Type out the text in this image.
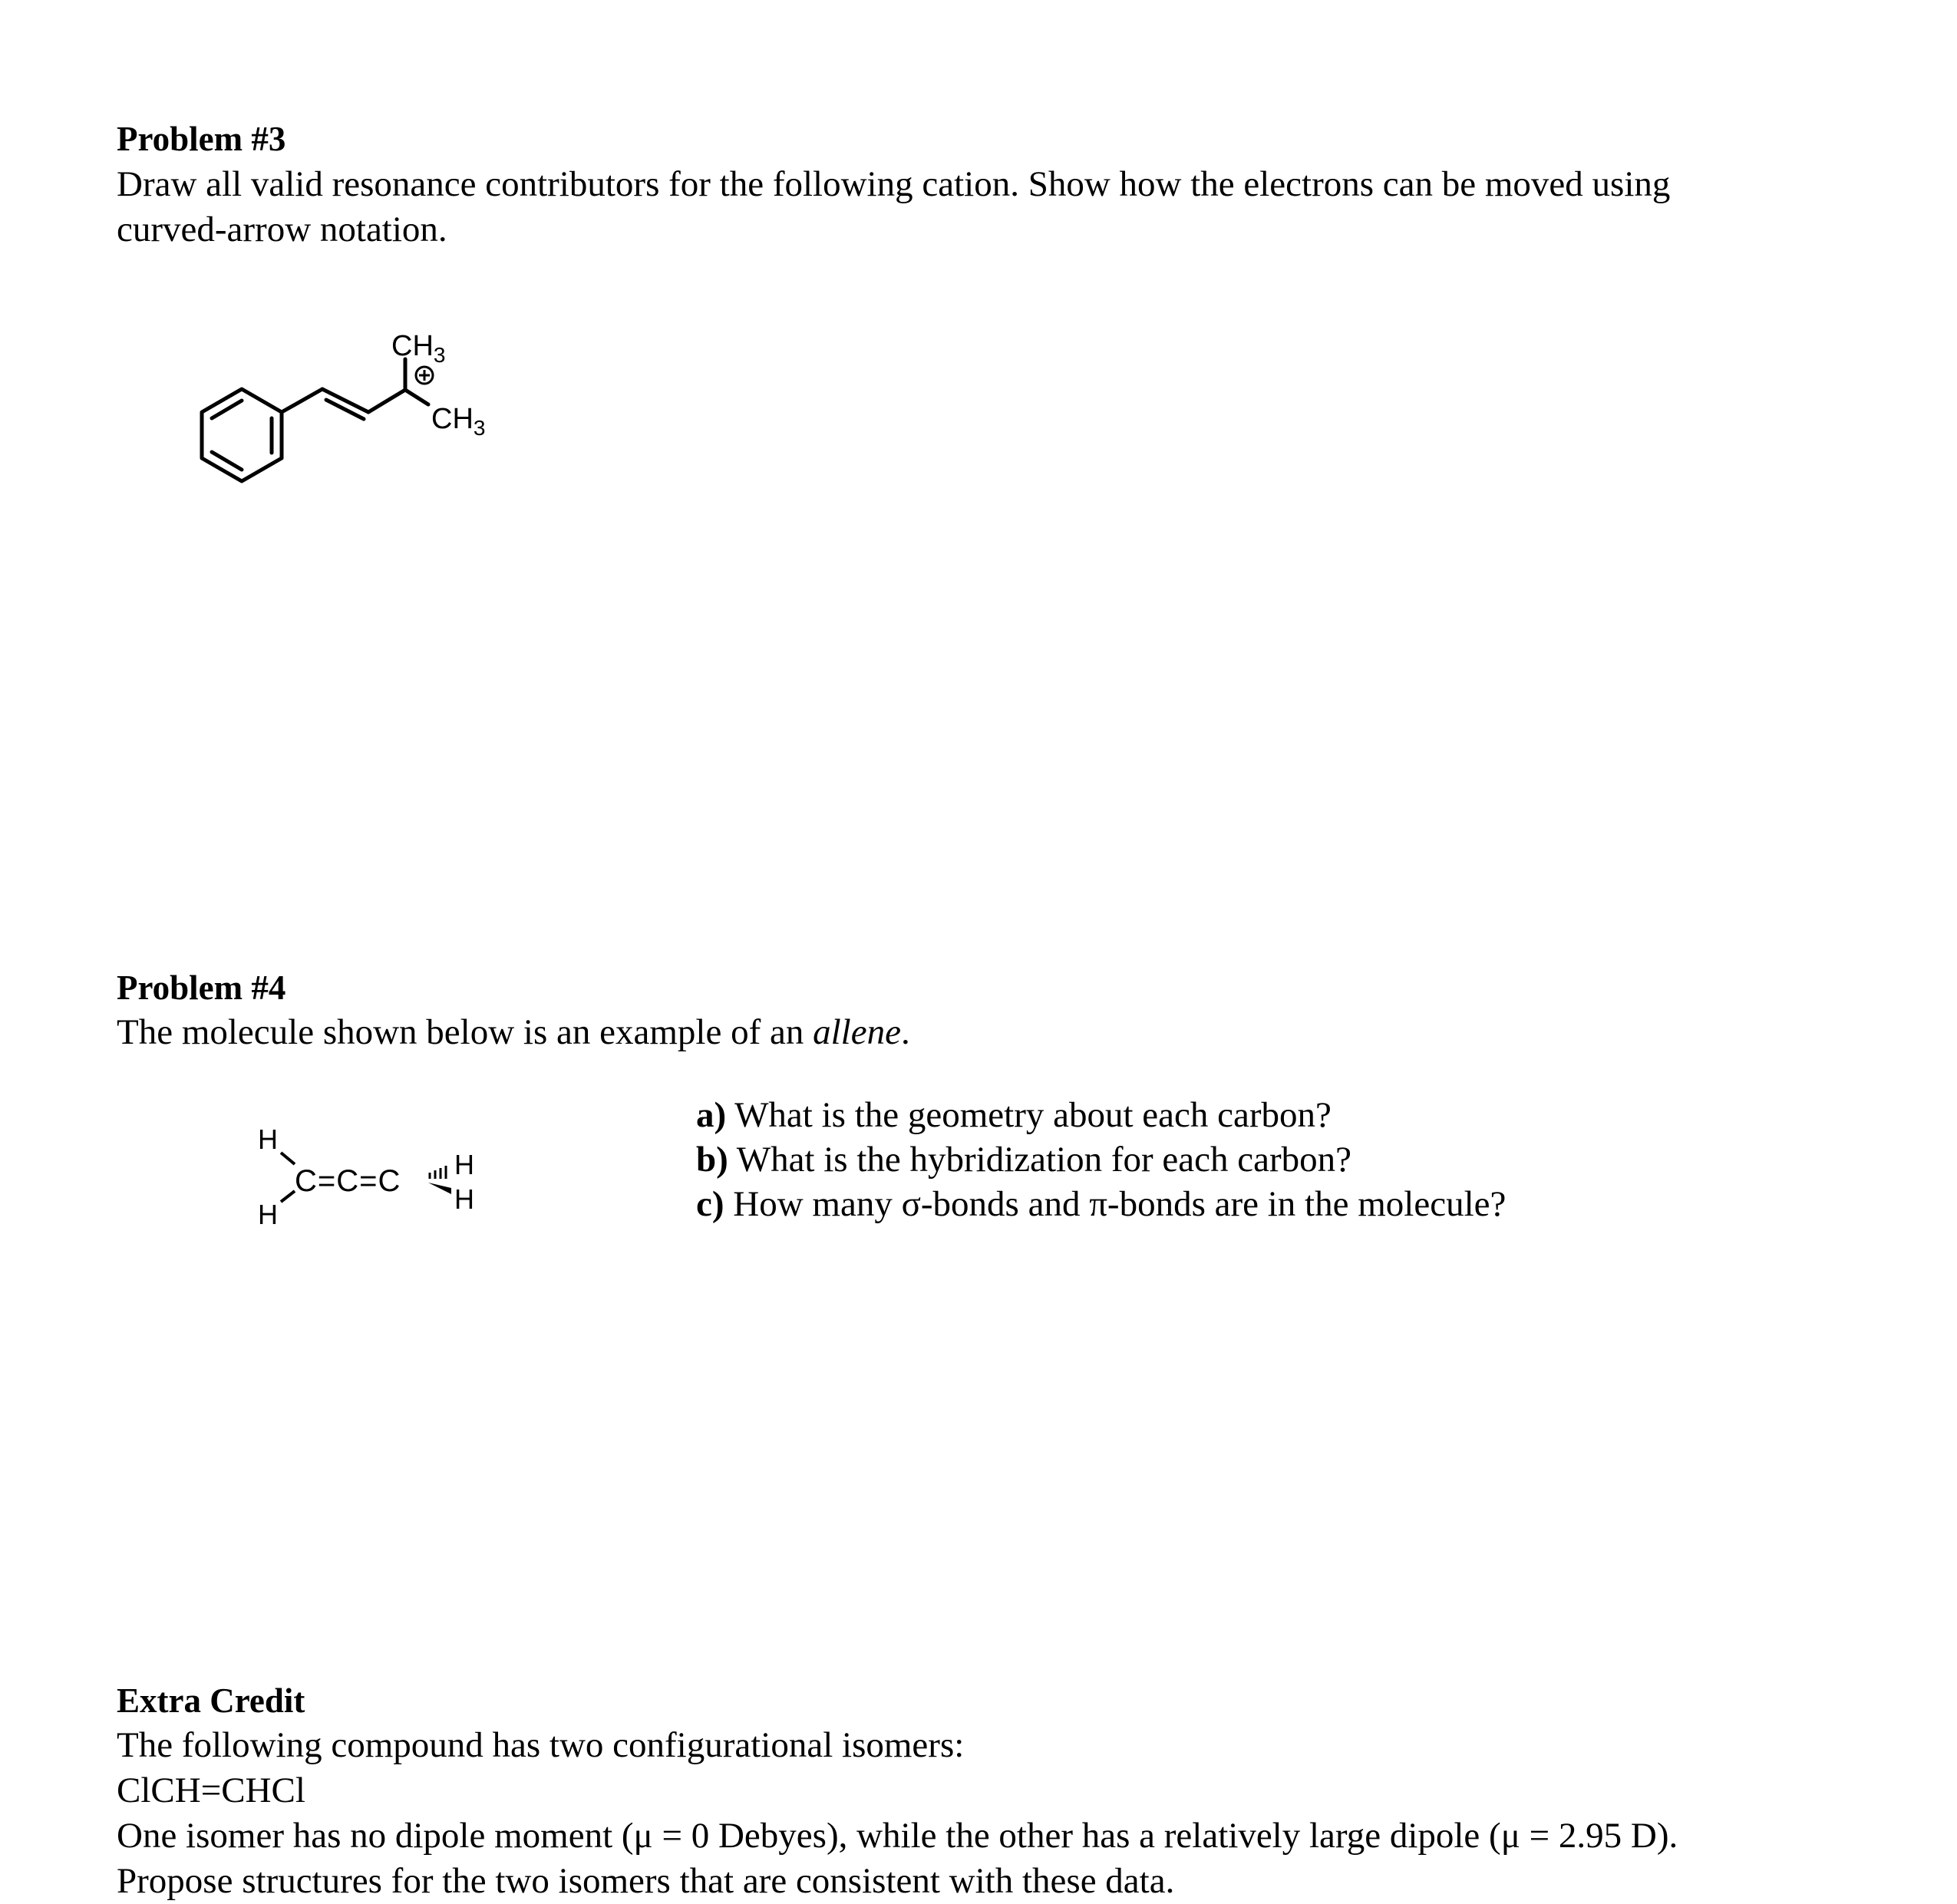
Problem #3
Draw all valid resonance contributors for the following cation. Show how the electrons can be moved using
curved-arrow notation.
$CH_3$
$CH_3$
Problem #4
The molecule shown below is an example of an allene.
H
H
C=C=C H
H
a) What is the geometry about each carbon?
b) What is the hybridization for each carbon?
c) How many σ-bonds and π-bonds are in the molecule?
Extra Credit
The following compound has two configurational isomers:
ClCH=CHCl
One isomer has no dipole moment (μ = 0 Debyes), while the other has a relatively large dipole (μ = 2.95 D).
Propose structures for the two isomers that are consistent with these data.
